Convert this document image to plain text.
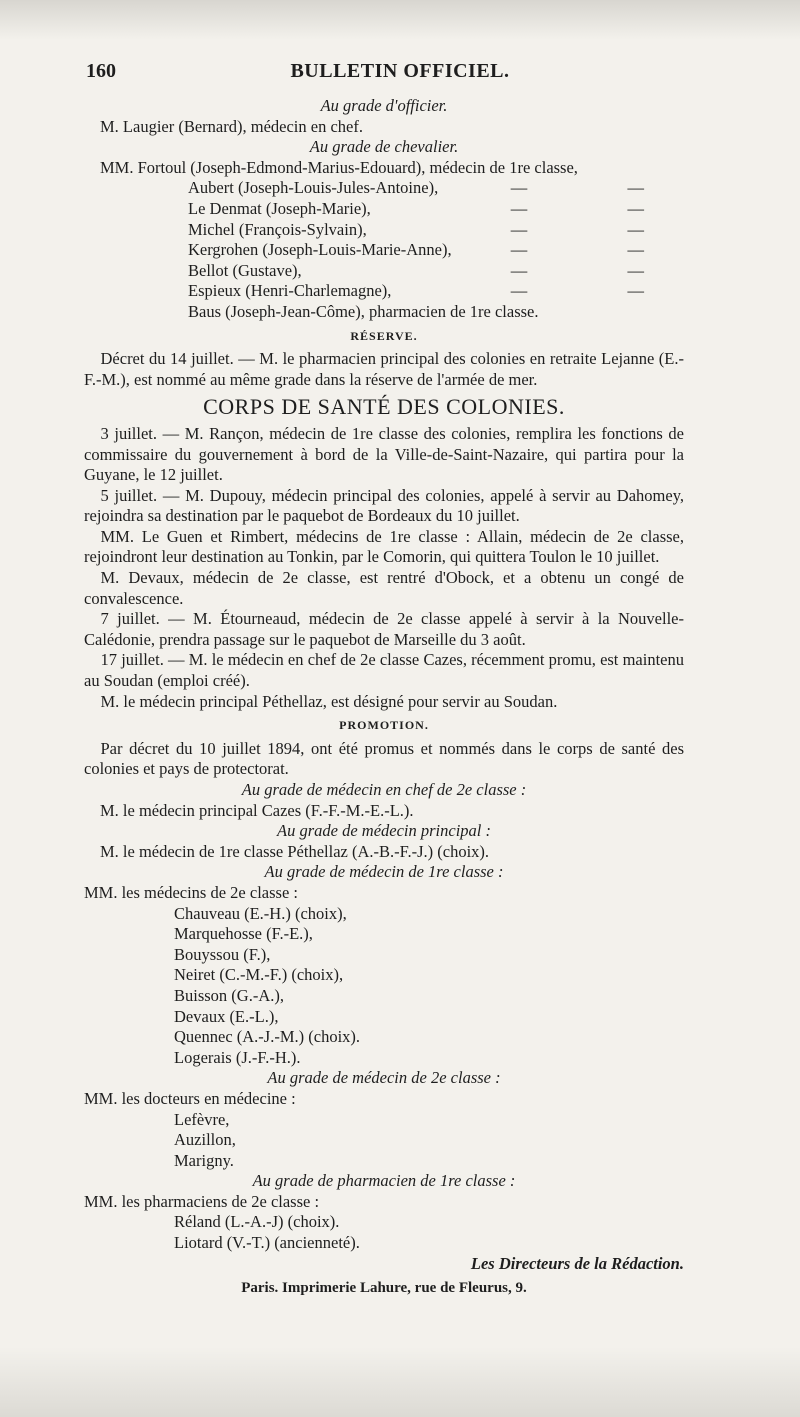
BULLETIN OFFICIEL.
160
Au grade d'officier.
M. Laugier (Bernard), médecin en chef.
Au grade de chevalier.
MM. Fortoul (Joseph-Edmond-Marius-Edouard), médecin de 1re classe,
Aubert (Joseph-Louis-Jules-Antoine),	—	—
Le Denmat (Joseph-Marie),	—	—
Michel (François-Sylvain),	—	—
Kergrohen (Joseph-Louis-Marie-Anne),	—	—
Bellot (Gustave),	—	—
Espieux (Henri-Charlemagne),	—	—
Baus (Joseph-Jean-Côme), pharmacien de 1re classe.
RÉSERVE.

Décret du 14 juillet. — M. le pharmacien principal des colonies en retraite Lejanne (E.-F.-M.), est nommé au même grade dans la réserve de l'armée de mer.

CORPS DE SANTÉ DES COLONIES.

3 juillet. — M. Rançon, médecin de 1re classe des colonies, remplira les fonctions de commissaire du gouvernement à bord de la Ville-de-Saint-Nazaire, qui partira pour la Guyane, le 12 juillet.

5 juillet. — M. Dupouy, médecin principal des colonies, appelé à servir au Dahomey, rejoindra sa destination par le paquebot de Bordeaux du 10 juillet.

MM. Le Guen et Rimbert, médecins de 1re classe : Allain, médecin de 2e classe, rejoindront leur destination au Tonkin, par le Comorin, qui quittera Toulon le 10 juillet.

M. Devaux, médecin de 2e classe, est rentré d'Obock, et a obtenu un congé de convalescence.

7 juillet. — M. Étourneaud, médecin de 2e classe appelé à servir à la Nouvelle-Calédonie, prendra passage sur le paquebot de Marseille du 3 août.

17 juillet. — M. le médecin en chef de 2e classe Cazes, récemment promu, est maintenu au Soudan (emploi créé).

M. le médecin principal Péthellaz, est désigné pour servir au Soudan.

PROMOTION.

Par décret du 10 juillet 1894, ont été promus et nommés dans le corps de santé des colonies et pays de protectorat.

Au grade de médecin en chef de 2e classe :
M. le médecin principal Cazes (F.-F.-M.-E.-L.).
Au grade de médecin principal :
M. le médecin de 1re classe Péthellaz (A.-B.-F.-J.) (choix).
Au grade de médecin de 1re classe :
MM. les médecins de 2e classe :
Chauveau (E.-H.) (choix),
Marquehosse (F.-E.),
Bouyssou (F.),
Neiret (C.-M.-F.) (choix),
Buisson (G.-A.),
Devaux (E.-L.),
Quennec (A.-J.-M.) (choix).
Logerais (J.-F.-H.).
Au grade de médecin de 2e classe :
MM. les docteurs en médecine :
Lefèvre,
Auzillon,
Marigny.
Au grade de pharmacien de 1re classe :
MM. les pharmaciens de 2e classe :
Réland (L.-A.-J) (choix).
Liotard (V.-T.) (ancienneté).
Les Directeurs de la Rédaction.
Paris. Imprimerie Lahure, rue de Fleurus, 9.
